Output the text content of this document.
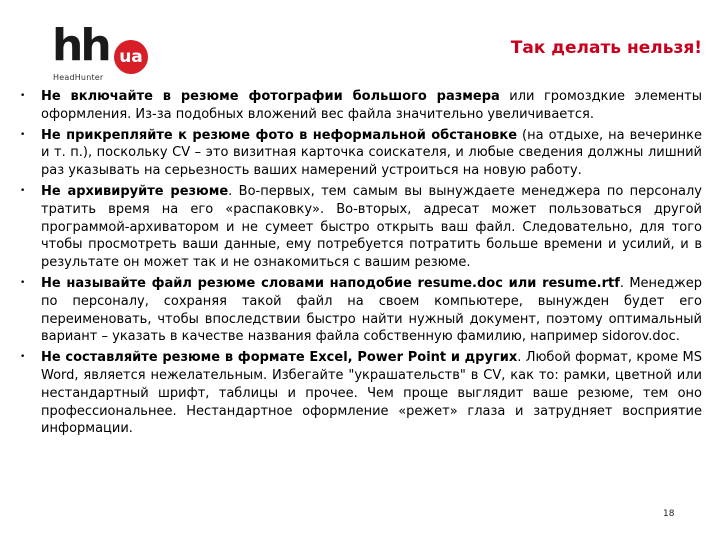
hh ua
HeadHunter
Так делать нельзя!
•	Не включайте в резюме фотографии большого размера или громоздкие элементы оформления. Из-за подобных вложений вес файла значительно увеличивается.
•	Не прикрепляйте к резюме фото в неформальной обстановке (на отдыхе, на вечеринке и т. п.), поскольку CV – это визитная карточка соискателя, и любые сведения должны лишний раз указывать на серьезность ваших намерений устроиться на новую работу.
•	Не архивируйте резюме. Во-первых, тем самым вы вынуждаете менеджера по персоналу тратить время на его «распаковку». Во-вторых, адресат может пользоваться другой программой-архиватором и не сумеет быстро открыть ваш файл. Следовательно, для того чтобы просмотреть ваши данные, ему потребуется потратить больше времени и усилий, и в результате он может так и не ознакомиться с вашим резюме.
•	Не называйте файл резюме словами наподобие resume.doc или resume.rtf. Менеджер по персоналу, сохраняя такой файл на своем компьютере, вынужден будет его переименовать, чтобы впоследствии быстро найти нужный документ, поэтому оптимальный вариант – указать в качестве названия файла собственную фамилию, например sidorov.doc.
•	Не составляйте резюме в формате Excel, Power Point и других. Любой формат, кроме MS Word, является нежелательным. Избегайте "украшательств" в CV, как то: рамки, цветной или нестандартный шрифт, таблицы и прочее. Чем проще выглядит ваше резюме, тем оно профессиональнее. Нестандартное оформление «режет» глаза и затрудняет восприятие информации.
18
